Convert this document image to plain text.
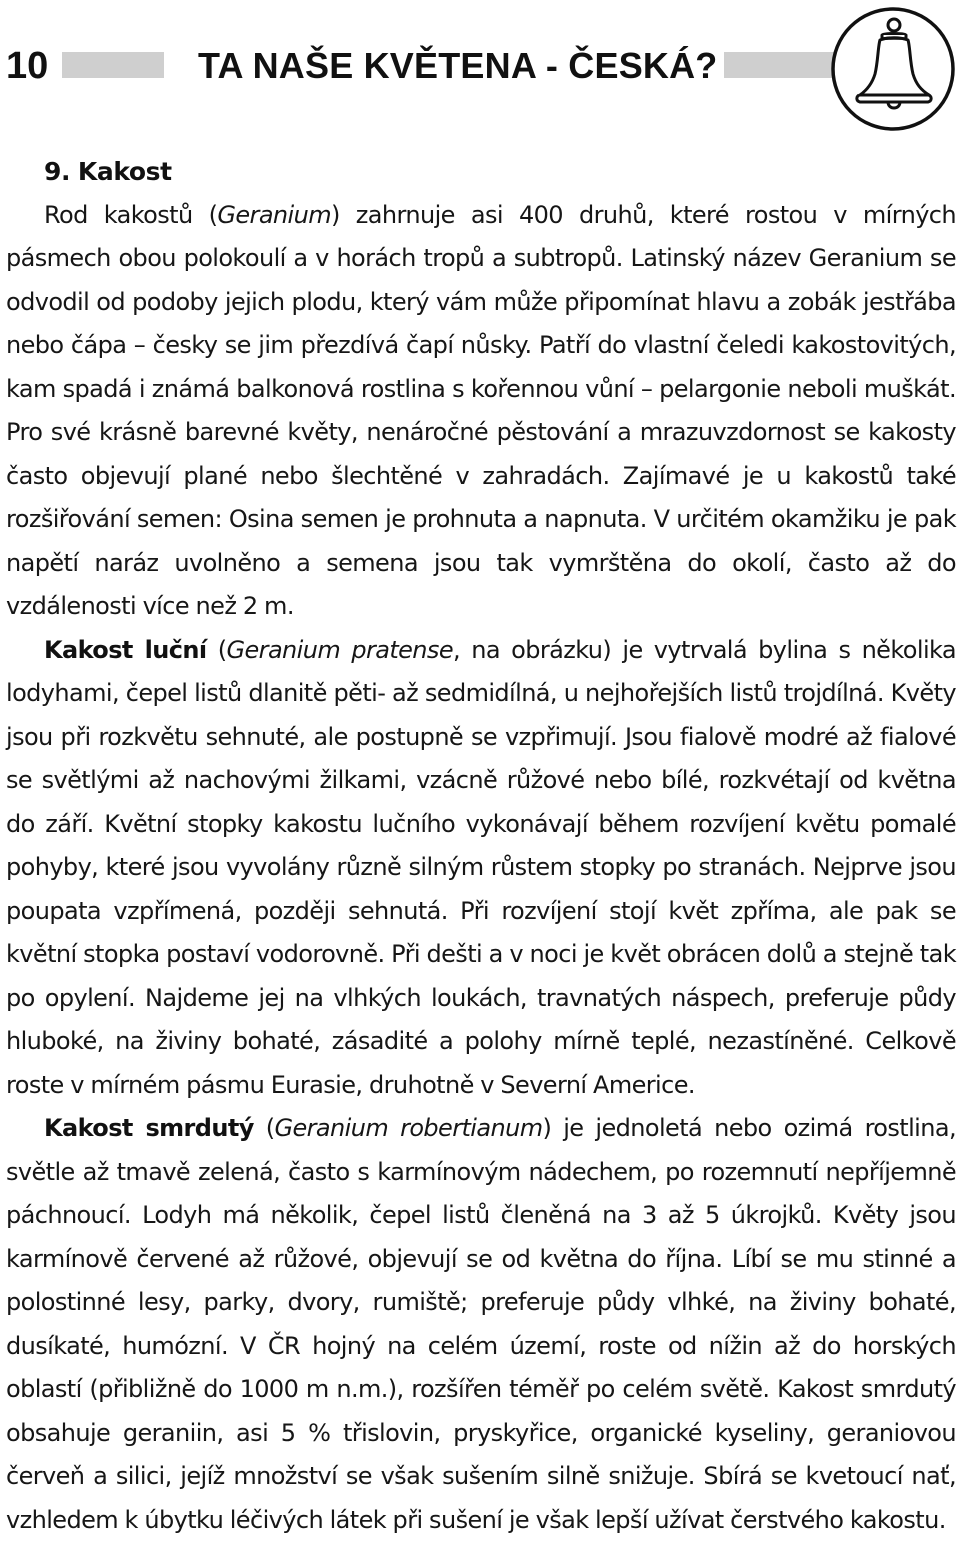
10	TA NAŠE KVĚTENA - ČESKÁ?
9. Kakost

Rod kakostů (Geranium) zahrnuje asi 400 druhů, které rostou v mírných pásmech obou polokoulí a v horách tropů a subtropů. Latinský název Geranium se odvodil od podoby jejich plodu, který vám může připomínat hlavu a zobák jestřába nebo čápa – česky se jim přezdívá čapí nůsky. Patří do vlastní čeledi kakostovitých, kam spadá i známá balkonová rostlina s kořennou vůní – pelargonie neboli muškát. Pro své krásně barevné květy, nenáročné pěstování a mrazuvzdornost se kakosty často objevují plané nebo šlechtěné v zahradách. Zajímavé je u kakostů také rozšiřování semen: Osina semen je prohnuta a napnuta. V určitém okamžiku je pak napětí naráz uvolněno a semena jsou tak vymrštěna do okolí, často až do vzdálenosti více než 2 m.

Kakost luční (Geranium pratense, na obrázku) je vytrvalá bylina s několika lodyhami, čepel listů dlanitě pěti- až sedmidílná, u nejhořejších listů trojdílná. Květy jsou při rozkvětu sehnuté, ale postupně se vzpřimují. Jsou fialově modré až fialové se světlými až nachovými žilkami, vzácně růžové nebo bílé, rozkvétají od května do září. Květní stopky kakostu lučního vykonávají během rozvíjení květu pomalé pohyby, které jsou vyvolány různě silným růstem stopky po stranách. Nejprve jsou poupata vzpřímená, později sehnutá. Při rozvíjení stojí květ zpříma, ale pak se květní stopka postaví vodorovně. Při dešti a v noci je květ obrácen dolů a stejně tak po opylení. Najdeme jej na vlhkých loukách, travnatých náspech, preferuje půdy hluboké, na živiny bohaté, zásadité a polohy mírně teplé, nezastíněné. Celkově roste v mírném pásmu Eurasie, druhotně v Severní Americe.

Kakost smrdutý (Geranium robertianum) je jednoletá nebo ozimá rostlina, světle až tmavě zelená, často s karmínovým nádechem, po rozemnutí nepříjemně páchnoucí. Lodyh má několik, čepel listů členěná na 3 až 5 úkrojků. Květy jsou karmínově červené až růžové, objevují se od května do října. Líbí se mu stinné a polostinné lesy, parky, dvory, rumiště; preferuje půdy vlhké, na živiny bohaté, dusíkaté, humózní. V ČR hojný na celém území, roste od nížin až do horských oblastí (přibližně do 1000 m n.m.), rozšířen téměř po celém světě. Kakost smrdutý obsahuje geraniin, asi 5 % třislovin, pryskyřice, organické kyseliny, geraniovou červeň a silici, jejíž množství se však sušením silně snižuje. Sbírá se kvetoucí nať, vzhledem k úbytku léčivých látek při sušení je však lepší užívat čerstvého kakostu.
